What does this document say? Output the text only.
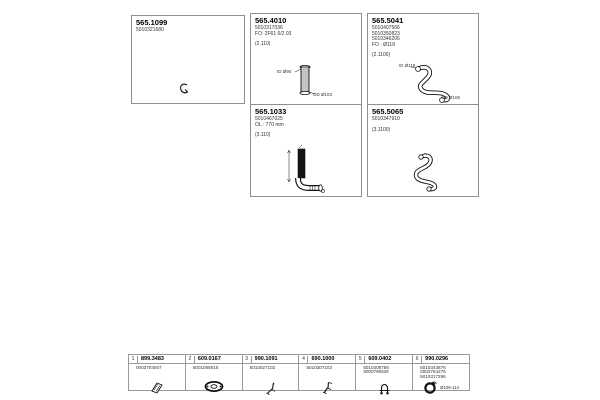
565.1099
5010321680
565.4010
5010317036
FO: 2F61 6/2 03
(2.110)
ID Ø90
OD Ø103
565.5041
5010407566
5010350823
5010346206
FO : Ø118
(2.1100)
ID Ø118
OD Ø106
565.1033
5010467025
OL : 770 mm
(3.110)
565.5065
5010347910
(3.1100)
1	899.3483
0003704007
2	609.0167
5001058015
3	990.1091
5010027102
4	690.1000
5010307103
5	609.0402
5010308756
5000790526
6	990.0296
5010343876
0003764276
5010317296
Ø108-114
